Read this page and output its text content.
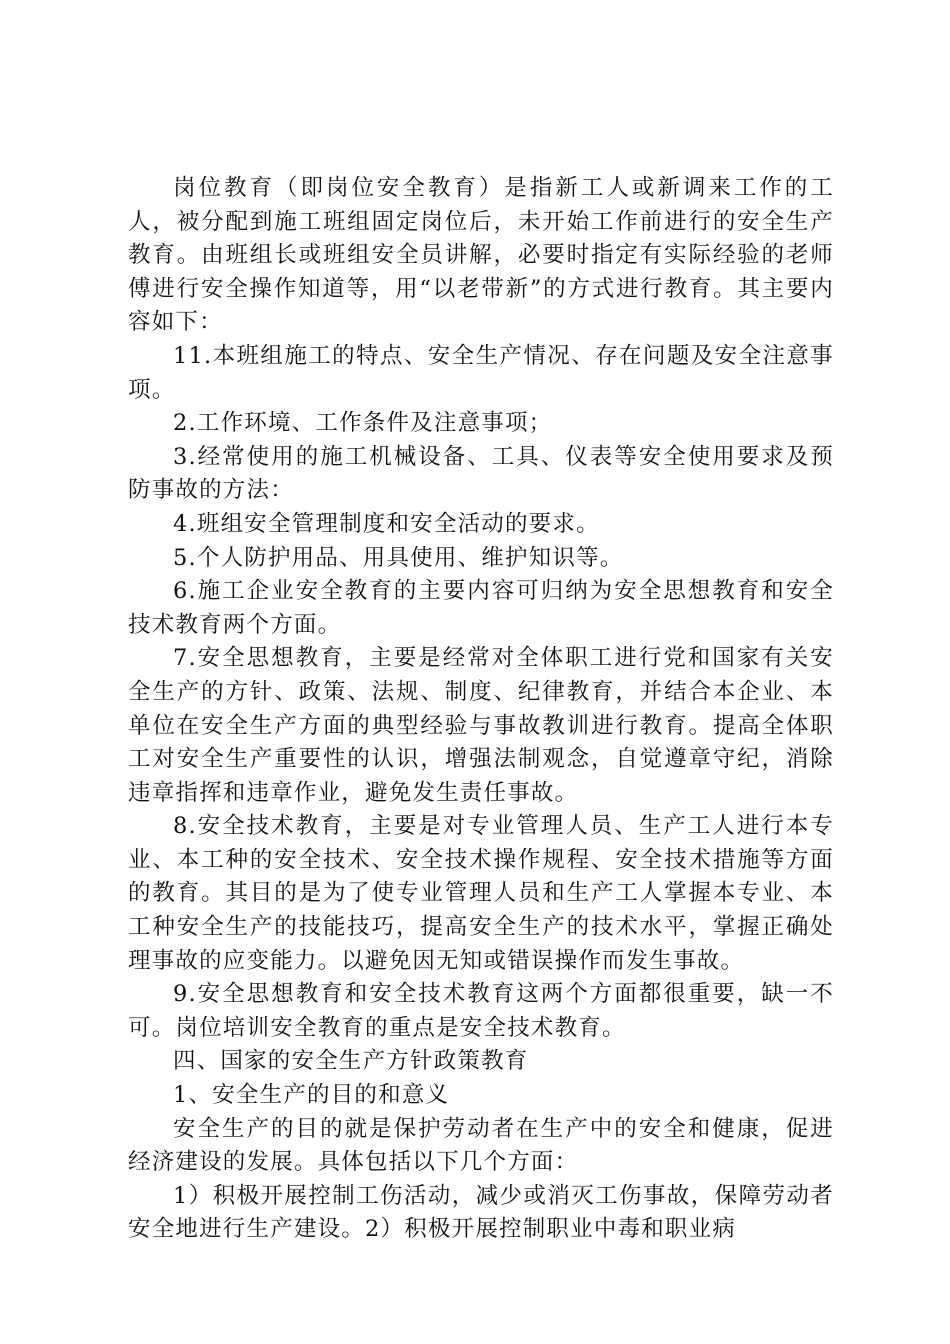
岗位教育（即岗位安全教育）是指新工人或新调来工作的工人，被分配到施工班组固定岗位后，未开始工作前进行的安全生产教育。由班组长或班组安全员讲解，必要时指定有实际经验的老师傅进行安全操作知道等，用“以老带新”的方式进行教育。其主要内容如下：

11.本班组施工的特点、安全生产情况、存在问题及安全注意事项。

2.工作环境、工作条件及注意事项；

3.经常使用的施工机械设备、工具、仪表等安全使用要求及预防事故的方法：

4.班组安全管理制度和安全活动的要求。

5.个人防护用品、用具使用、维护知识等。

6.施工企业安全教育的主要内容可归纳为安全思想教育和安全技术教育两个方面。

7.安全思想教育，主要是经常对全体职工进行党和国家有关安全生产的方针、政策、法规、制度、纪律教育，并结合本企业、本单位在安全生产方面的典型经验与事故教训进行教育。提高全体职工对安全生产重要性的认识，增强法制观念，自觉遵章守纪，消除违章指挥和违章作业，避免发生责任事故。

8.安全技术教育，主要是对专业管理人员、生产工人进行本专业、本工种的安全技术、安全技术操作规程、安全技术措施等方面的教育。其目的是为了使专业管理人员和生产工人掌握本专业、本工种安全生产的技能技巧，提高安全生产的技术水平，掌握正确处理事故的应变能力。以避免因无知或错误操作而发生事故。

9.安全思想教育和安全技术教育这两个方面都很重要，缺一不可。岗位培训安全教育的重点是安全技术教育。

四、国家的安全生产方针政策教育

1、安全生产的目的和意义

安全生产的目的就是保护劳动者在生产中的安全和健康，促进经济建设的发展。具体包括以下几个方面：

1）积极开展控制工伤活动，减少或消灭工伤事故，保障劳动者安全地进行生产建设。2）积极开展控制职业中毒和职业病
